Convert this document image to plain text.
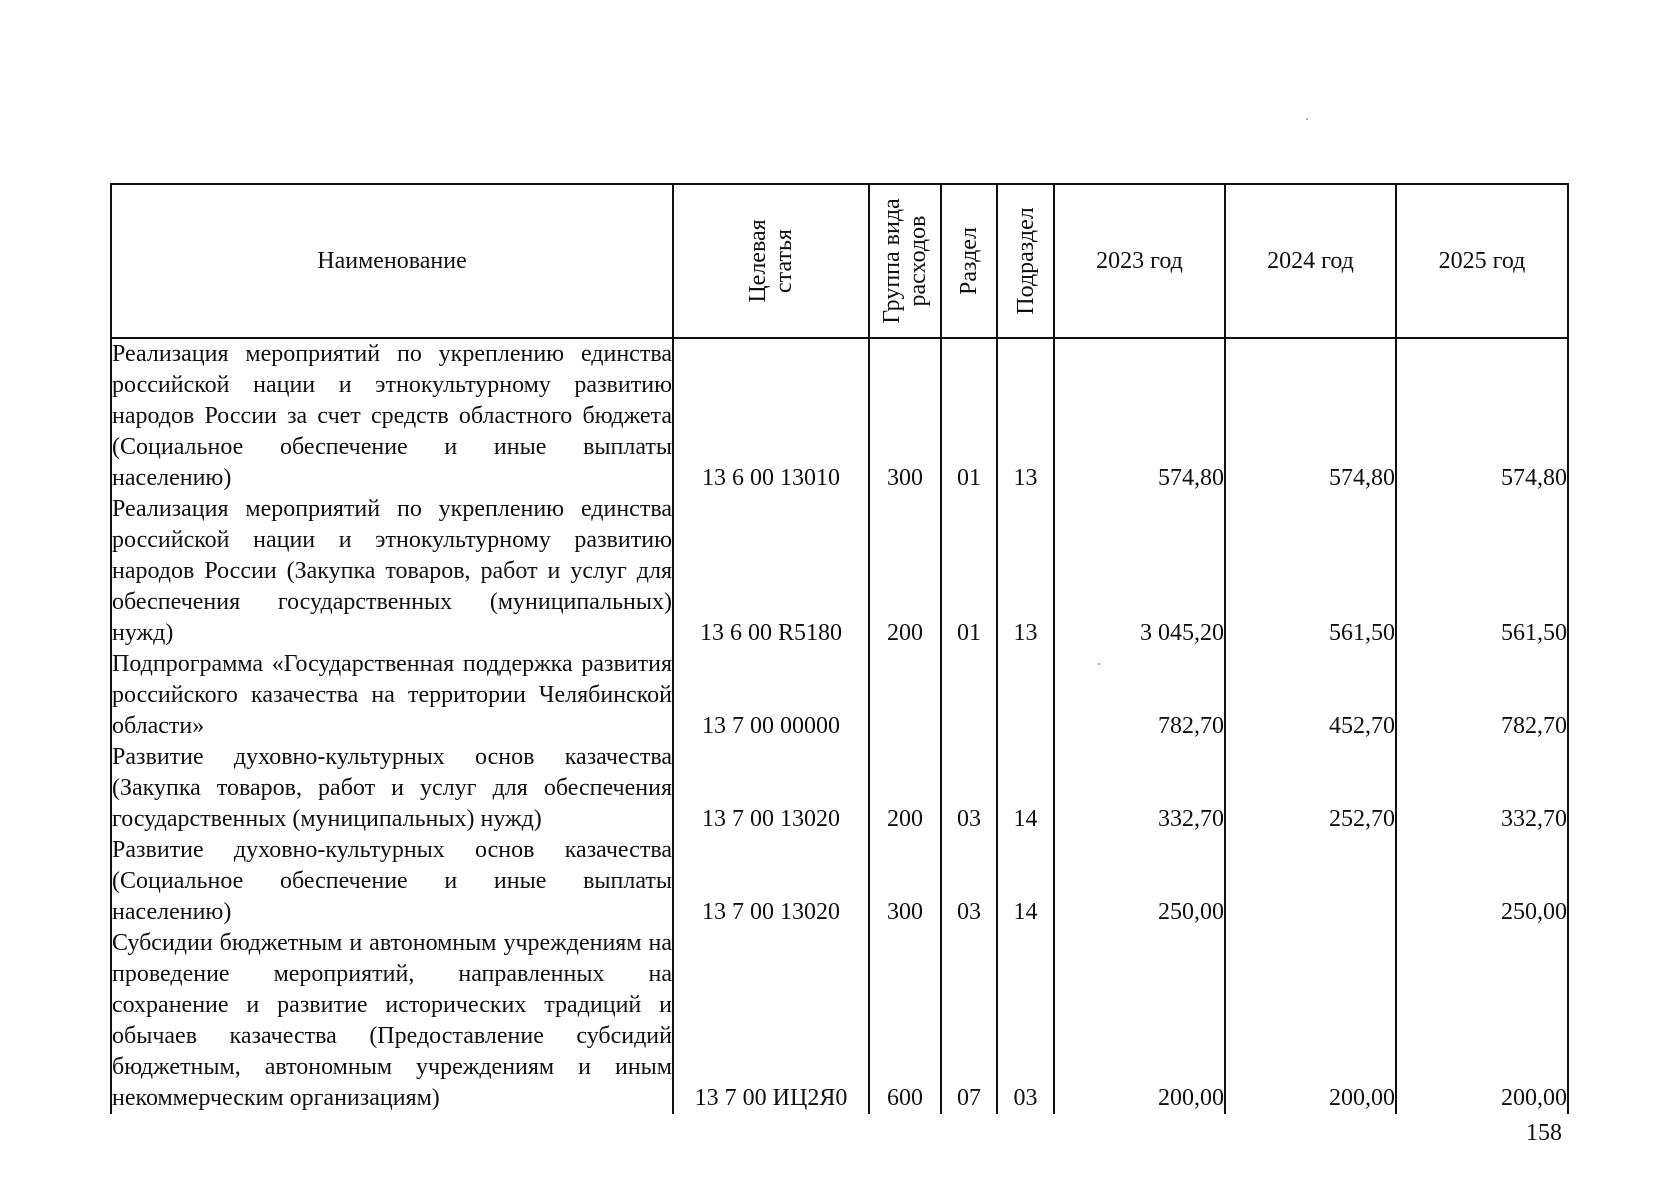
Наименование	Целевая статья	Группа вида расходов	Раздел	Подраздел	2023 год	2024 год	2025 год
Реализация мероприятий по укреплению единства российской нации и этнокультурному развитию народов России за счет средств областного бюджета (Социальное обеспечение и иные выплаты населению)	13 6 00 13010	300	01	13	574,80	574,80	574,80
Реализация мероприятий по укреплению единства российской нации и этнокультурному развитию народов России (Закупка товаров, работ и услуг для обеспечения государственных (муниципальных) нужд)	13 6 00 R5180	200	01	13	3 045,20	561,50	561,50
Подпрограмма «Государственная поддержка развития российского казачества на территории Челябинской области»	13 7 00 00000				782,70	452,70	782,70
Развитие духовно-культурных основ казачества (Закупка товаров, работ и услуг для обеспечения государственных (муниципальных) нужд)	13 7 00 13020	200	03	14	332,70	252,70	332,70
Развитие духовно-культурных основ казачества (Социальное обеспечение и иные выплаты населению)	13 7 00 13020	300	03	14	250,00		250,00
Субсидии бюджетным и автономным учреждениям на проведение мероприятий, направленных на сохранение и развитие исторических традиций и обычаев казачества (Предоставление субсидий бюджетным, автономным учреждениям и иным некоммерческим организациям)	13 7 00 ИЦ2Я0	600	07	03	200,00	200,00	200,00
158
